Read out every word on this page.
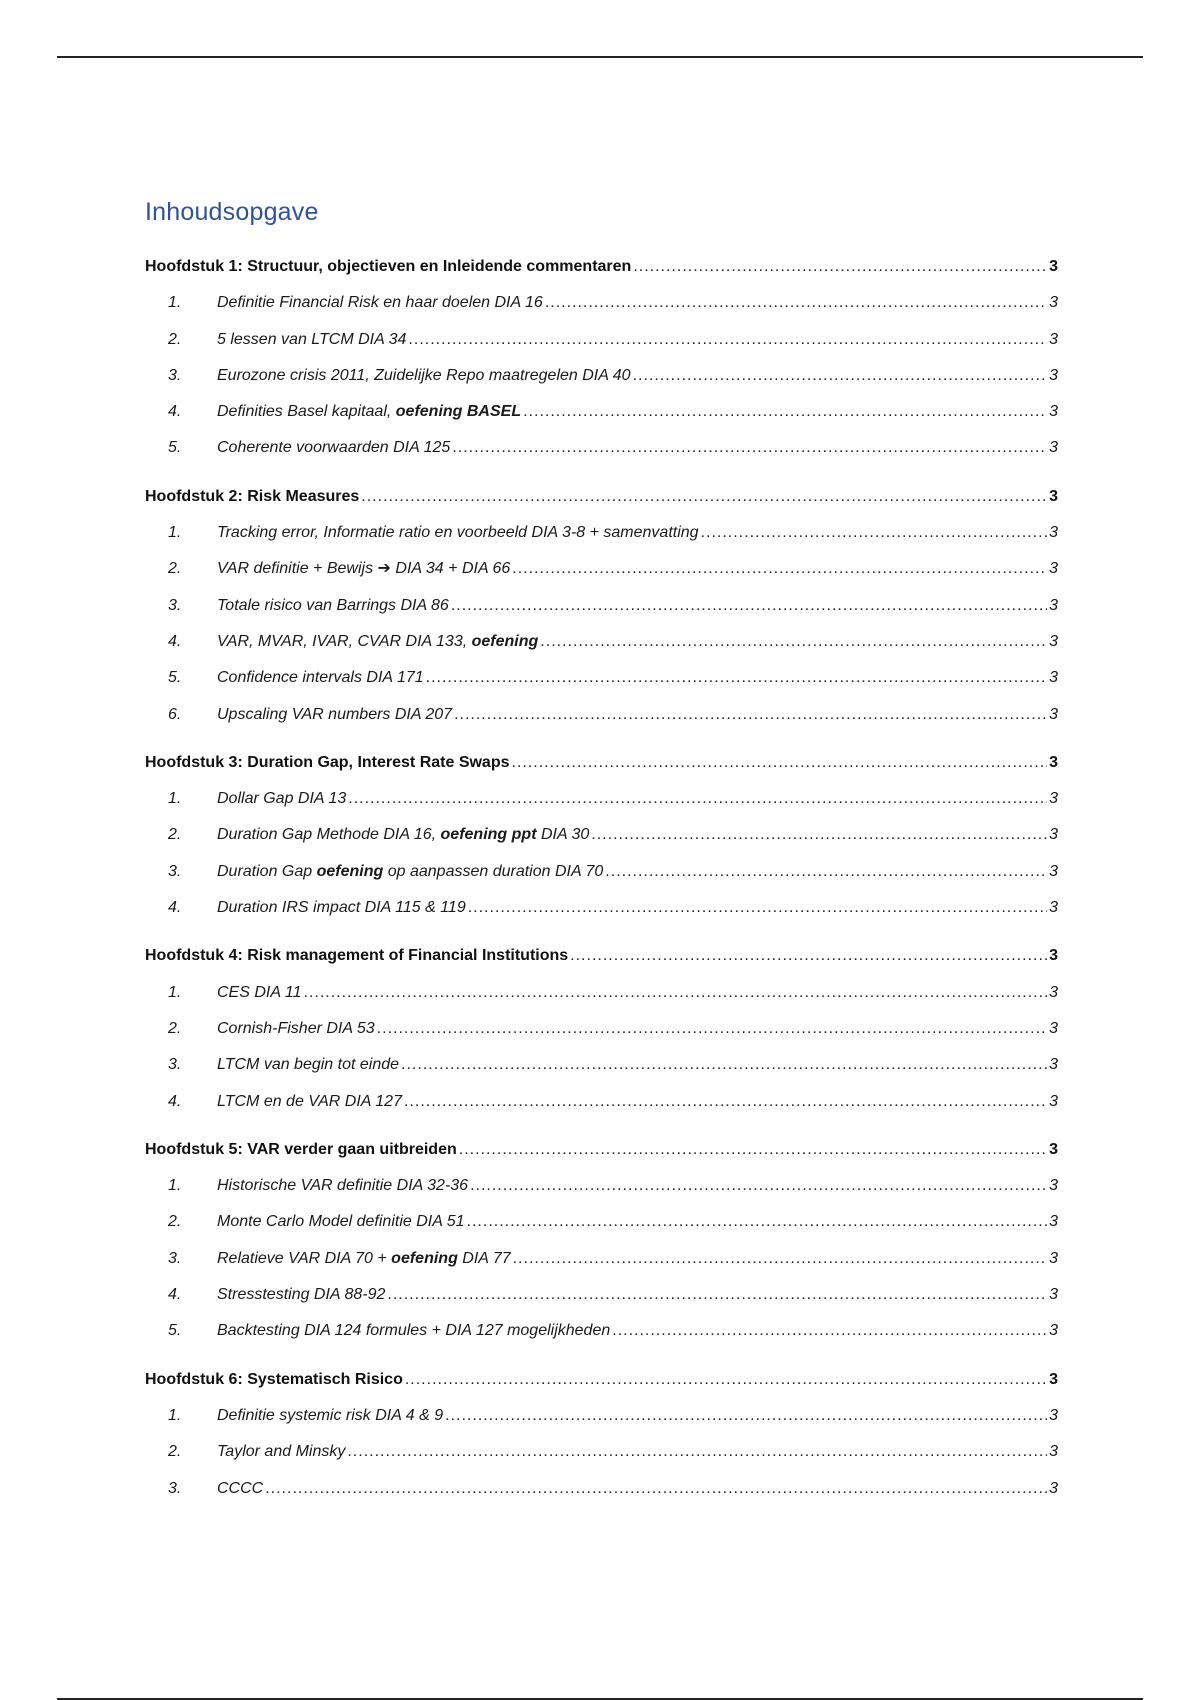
Inhoudsopgave
Hoofdstuk 1: Structuur, objectieven en Inleidende commentaren .....	3
1.	Definitie Financial Risk en haar doelen DIA 16 .....	3
2.	5 lessen van LTCM DIA 34 .....	3
3.	Eurozone crisis 2011, Zuidelijke Repo maatregelen DIA 40 .....	3
4.	Definities Basel kapitaal, oefening BASEL .....	3
5.	Coherente voorwaarden DIA 125 .....	3
Hoofdstuk 2: Risk Measures .....	3
1.	Tracking error, Informatie ratio en voorbeeld DIA 3-8 + samenvatting .....	3
2.	VAR definitie + Bewijs ➔ DIA 34 + DIA 66 .....	3
3.	Totale risico van Barrings DIA 86 .....	3
4.	VAR, MVAR, IVAR, CVAR DIA 133, oefening .....	3
5.	Confidence intervals DIA 171 .....	3
6.	Upscaling VAR numbers DIA 207 .....	3
Hoofdstuk 3: Duration Gap, Interest Rate Swaps .....	3
1.	Dollar Gap DIA 13 .....	3
2.	Duration Gap Methode DIA 16, oefening ppt DIA 30 .....	3
3.	Duration Gap oefening op aanpassen duration DIA 70 .....	3
4.	Duration IRS impact DIA 115 & 119 .....	3
Hoofdstuk 4: Risk management of Financial Institutions .....	3
1.	CES DIA 11 .....	3
2.	Cornish-Fisher DIA 53 .....	3
3.	LTCM van begin tot einde .....	3
4.	LTCM en de VAR DIA 127 .....	3
Hoofdstuk 5: VAR verder gaan uitbreiden .....	3
1.	Historische VAR definitie DIA 32-36 .....	3
2.	Monte Carlo Model definitie DIA 51 .....	3
3.	Relatieve VAR DIA 70 + oefening DIA 77 .....	3
4.	Stresstesting DIA 88-92 .....	3
5.	Backtesting DIA 124 formules + DIA 127 mogelijkheden .....	3
Hoofdstuk 6: Systematisch Risico .....	3
1.	Definitie systemic risk DIA 4 & 9 .....	3
2.	Taylor and Minsky .....	3
3.	CCCC .....	3
